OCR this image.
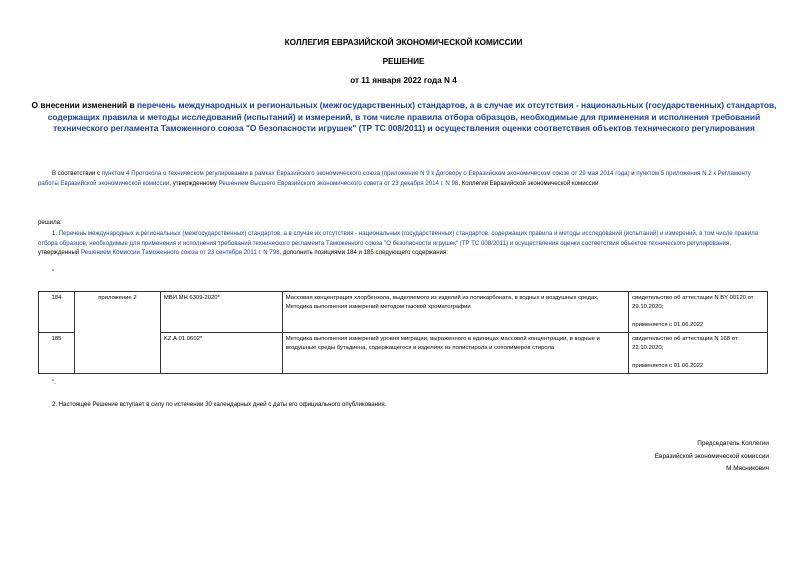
КОЛЛЕГИЯ ЕВРАЗИЙСКОЙ ЭКОНОМИЧЕСКОЙ КОМИССИИ
РЕШЕНИЕ
от 11 января 2022 года N 4
О внесении изменений в перечень международных и региональных (межгосударственных) стандартов, а в случае их отсутствия - национальных (государственных) стандартов, содержащих правила и методы исследований (испытаний) и измерений, в том числе правила отбора образцов, необходимые для применения и исполнения требований технического регламента Таможенного союза "О безопасности игрушек" (ТР ТС 008/2011) и осуществления оценки соответствия объектов технического регулирования
В соответствии с пунктом 4 Протокола о техническом регулировании в рамках Евразийского экономического союза (приложение N 9 к Договору о Евразийском экономическом союзе от 29 мая 2014 года) и пунктом 5 приложения N 2 к Регламенту работы Евразийской экономической комиссии, утвержденному Решением Высшего Евразийского экономического совета от 23 декабря 2014 г. N 98, Коллегия Евразийской экономической комиссии
решила:
1. Перечень международных и региональных (межгосударственных) стандартов, а в случае их отсутствия - национальных (государственных) стандартов, содержащих правила и методы исследований (испытаний) и измерений, в том числе правила отбора образцов, необходимые для применения и исполнения требований технического регламента Таможенного союза "О безопасности игрушек" (ТР ТС 008/2011) и осуществления оценки соответствия объектов технического регулирования, утвержденный Решением Комиссии Таможенного союза от 23 сентября 2011 г. N 798, дополнить позициями 184 и 185 следующего содержания:
"
184	приложение 2	МВИ.МН 6309-2020*	Массовая концентрация хлорбензола, выделяемого из изделий из поликарбоната, в водных и воздушных средах. Методика выполнения измерений методом газовой хроматографии	свидетельство об аттестации N BY 00120 от 29.10.2020;
применяется с 01.06.2022

185		KZ.A.01.0602*	Методика выполнения измерений уровня миграции, выраженного в единицах массовой концентрации, в водные и воздушные среды бутадиена, содержащегося в изделиях из полистирола и сополимеров стирола	свидетельство об аттестации N 168 от 22.10.2020;
применяется с 01.06.2022
".
2. Настоящее Решение вступает в силу по истечении 30 календарных дней с даты его официального опубликования.
Председатель Коллегии
Евразийской экономической комиссии
М.Мясникович
